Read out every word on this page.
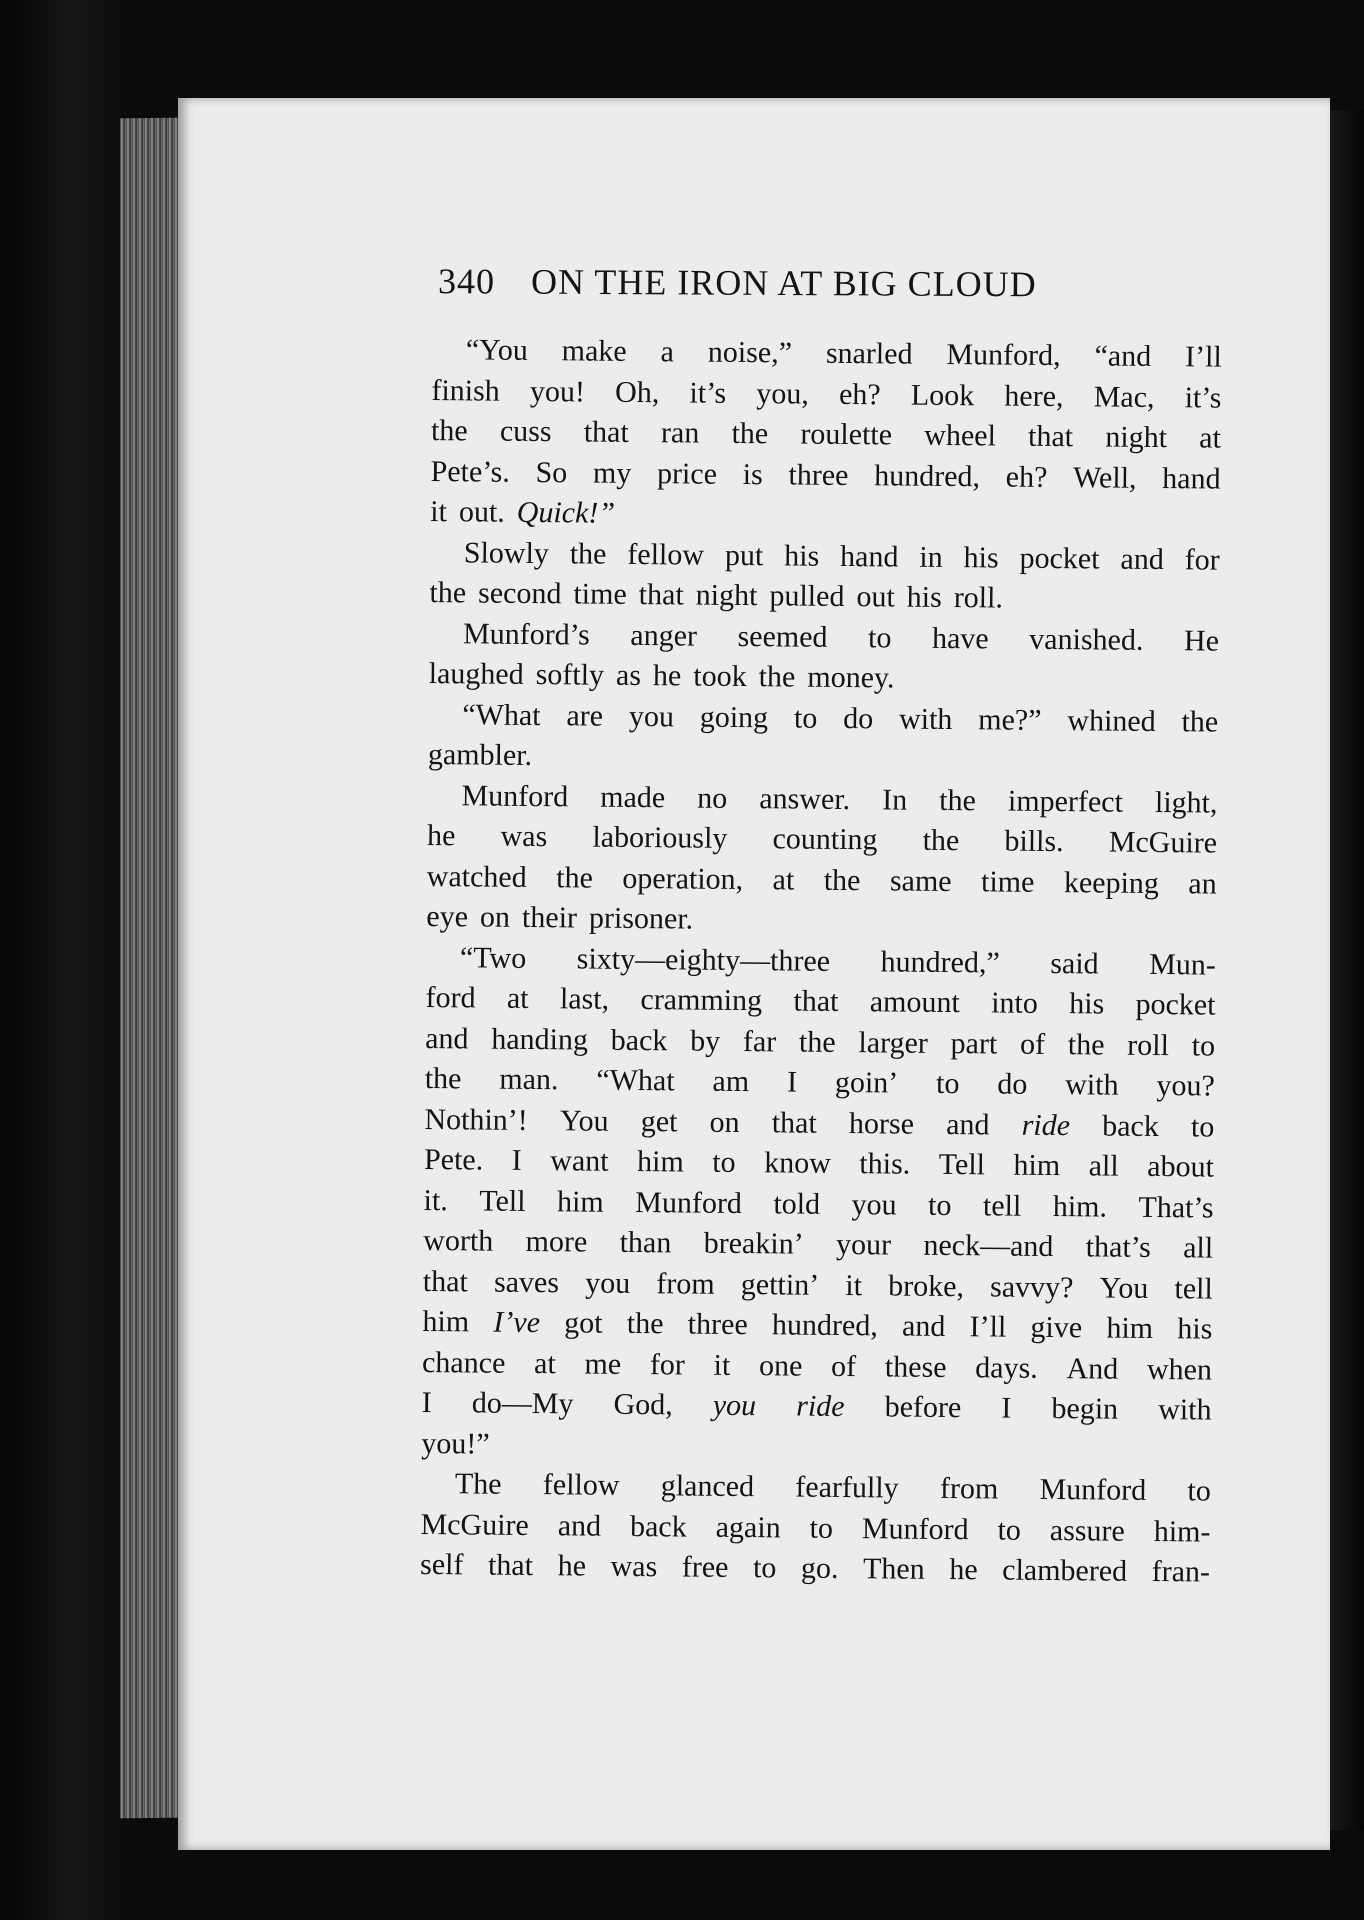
340 ON THE IRON AT BIG CLOUD
“You make a noise,” snarled Munford, “and I’ll
finish you! Oh, it’s you, eh? Look here, Mac, it’s
the cuss that ran the roulette wheel that night at
Pete’s. So my price is three hundred, eh? Well, hand
it out. Quick!”
Slowly the fellow put his hand in his pocket and for
the second time that night pulled out his roll.
Munford’s anger seemed to have vanished. He
laughed softly as he took the money.
“What are you going to do with me?” whined the
gambler.
Munford made no answer. In the imperfect light,
he was laboriously counting the bills. McGuire
watched the operation, at the same time keeping an
eye on their prisoner.
“Two sixty—eighty—three hundred,” said Mun-
ford at last, cramming that amount into his pocket
and handing back by far the larger part of the roll to
the man. “What am I goin’ to do with you?
Nothin’! You get on that horse and ride back to
Pete. I want him to know this. Tell him all about
it. Tell him Munford told you to tell him. That’s
worth more than breakin’ your neck—and that’s all
that saves you from gettin’ it broke, savvy? You tell
him I’ve got the three hundred, and I’ll give him his
chance at me for it one of these days. And when
I do—My God, you ride before I begin with
you!”
The fellow glanced fearfully from Munford to
McGuire and back again to Munford to assure him-
self that he was free to go. Then he clambered fran-
